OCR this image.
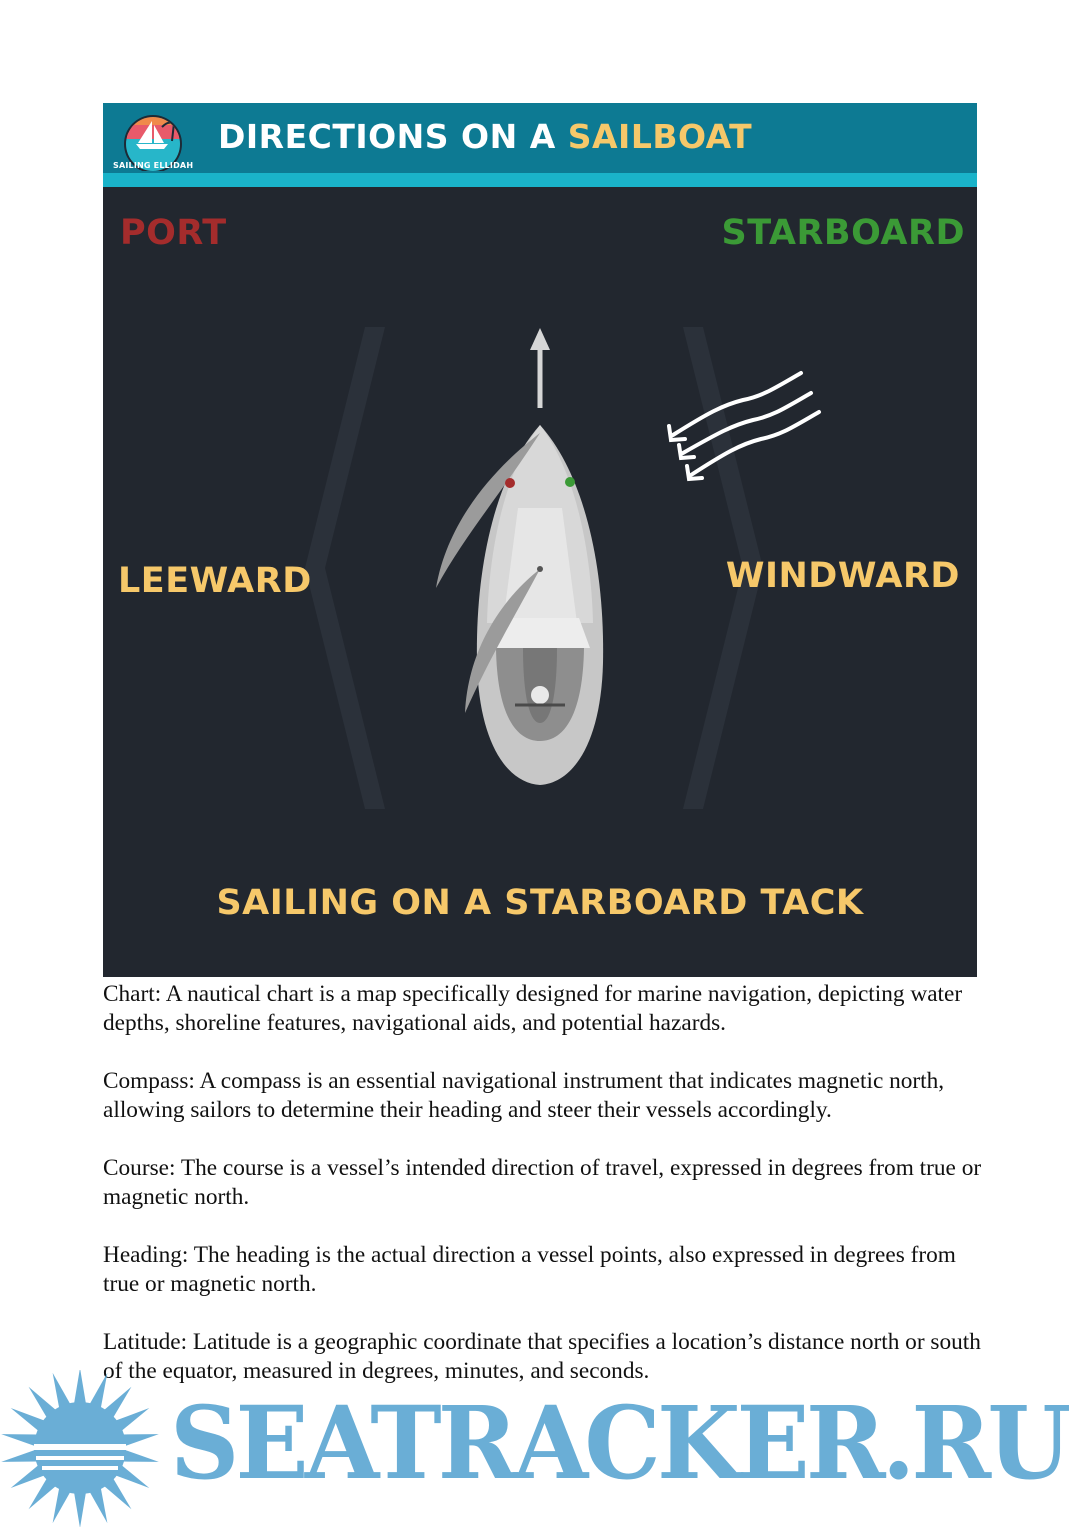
SAILING ELLIDAH
DIRECTIONS ON A SAILBOAT
PORT	STARBOARD
LEEWARD	WINDWARD
SAILING ON A STARBOARD TACK

Chart: A nautical chart is a map specifically designed for marine navigation, depicting water depths, shoreline features, navigational aids, and potential hazards.

Compass: A compass is an essential navigational instrument that indicates magnetic north, allowing sailors to determine their heading and steer their vessels accordingly.

Course: The course is a vessel’s intended direction of travel, expressed in degrees from true or magnetic north.

Heading: The heading is the actual direction a vessel points, also expressed in degrees from true or magnetic north.

Latitude: Latitude is a geographic coordinate that specifies a location’s distance north or south of the equator, measured in degrees, minutes, and seconds.

SEATRACKER.RU
